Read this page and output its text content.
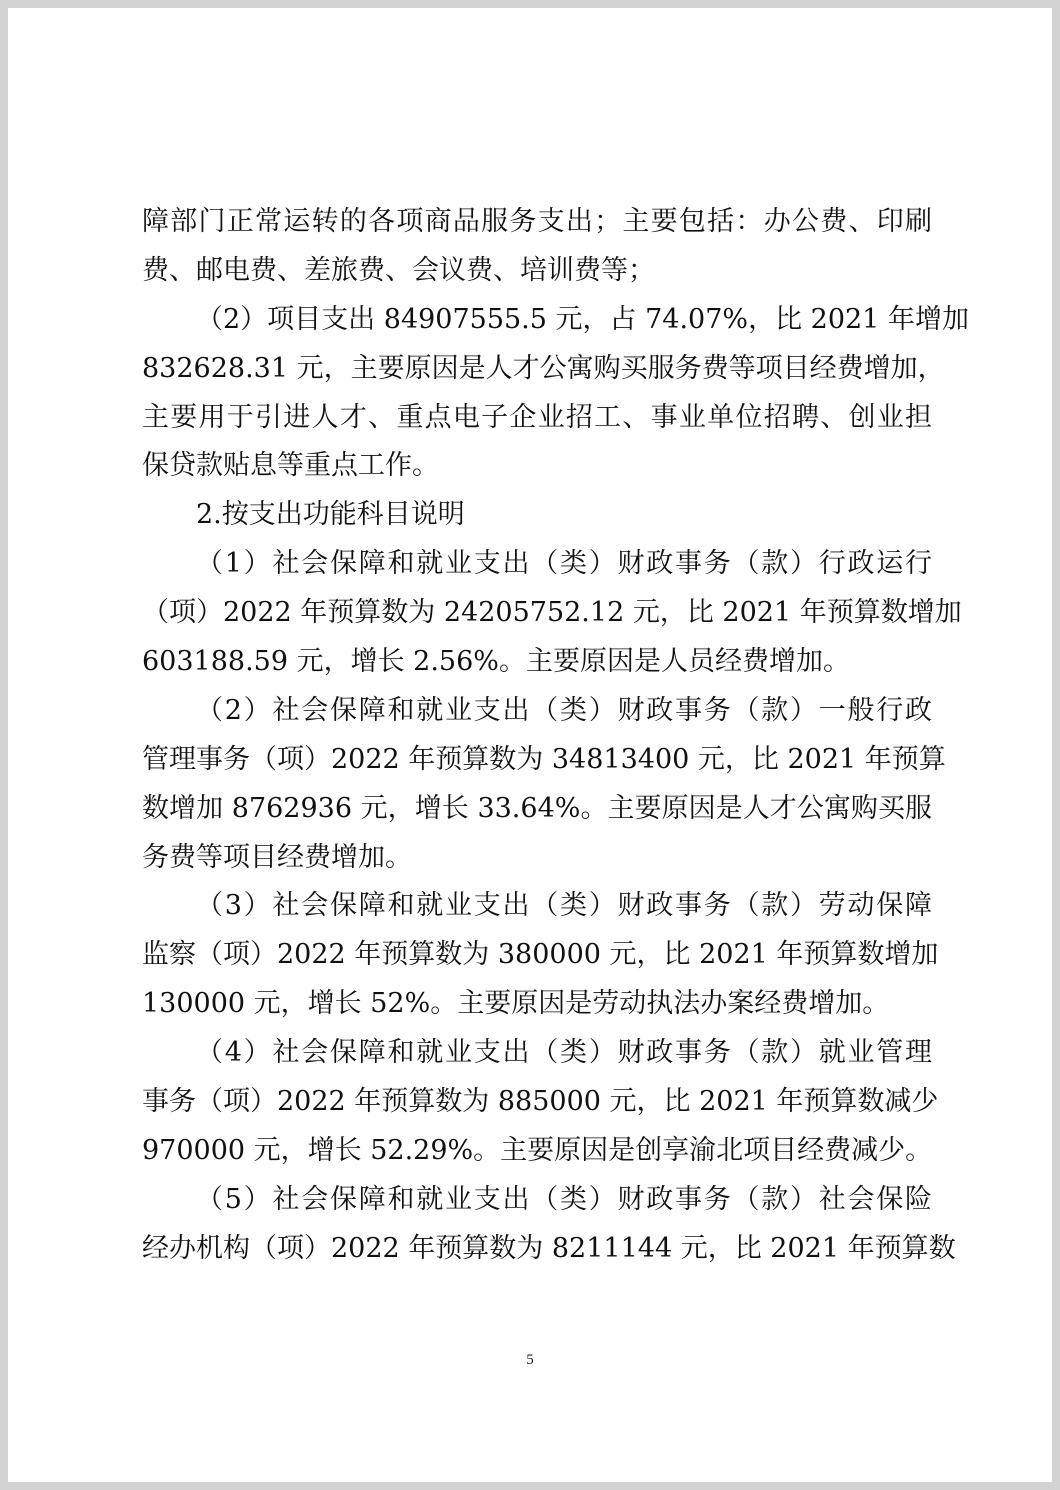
障部门正常运转的各项商品服务支出；主要包括：办公费、印刷
费、邮电费、差旅费、会议费、培训费等；
（2）项目支出 84907555.5 元，占 74.07%，比 2021 年增加
832628.31 元，主要原因是人才公寓购买服务费等项目经费增加，
主要用于引进人才、重点电子企业招工、事业单位招聘、创业担
保贷款贴息等重点工作。
2.按支出功能科目说明
（1）社会保障和就业支出（类）财政事务（款）行政运行
（项）2022 年预算数为 24205752.12 元，比 2021 年预算数增加
603188.59 元，增长 2.56%。主要原因是人员经费增加。
（2）社会保障和就业支出（类）财政事务（款）一般行政
管理事务（项）2022 年预算数为 34813400 元，比 2021 年预算
数增加 8762936 元，增长 33.64%。主要原因是人才公寓购买服
务费等项目经费增加。
（3）社会保障和就业支出（类）财政事务（款）劳动保障
监察（项）2022 年预算数为 380000 元，比 2021 年预算数增加
130000 元，增长 52%。主要原因是劳动执法办案经费增加。
（4）社会保障和就业支出（类）财政事务（款）就业管理
事务（项）2022 年预算数为 885000 元，比 2021 年预算数减少
970000 元，增长 52.29%。主要原因是创享渝北项目经费减少。
（5）社会保障和就业支出（类）财政事务（款）社会保险
经办机构（项）2022 年预算数为 8211144 元，比 2021 年预算数
5
